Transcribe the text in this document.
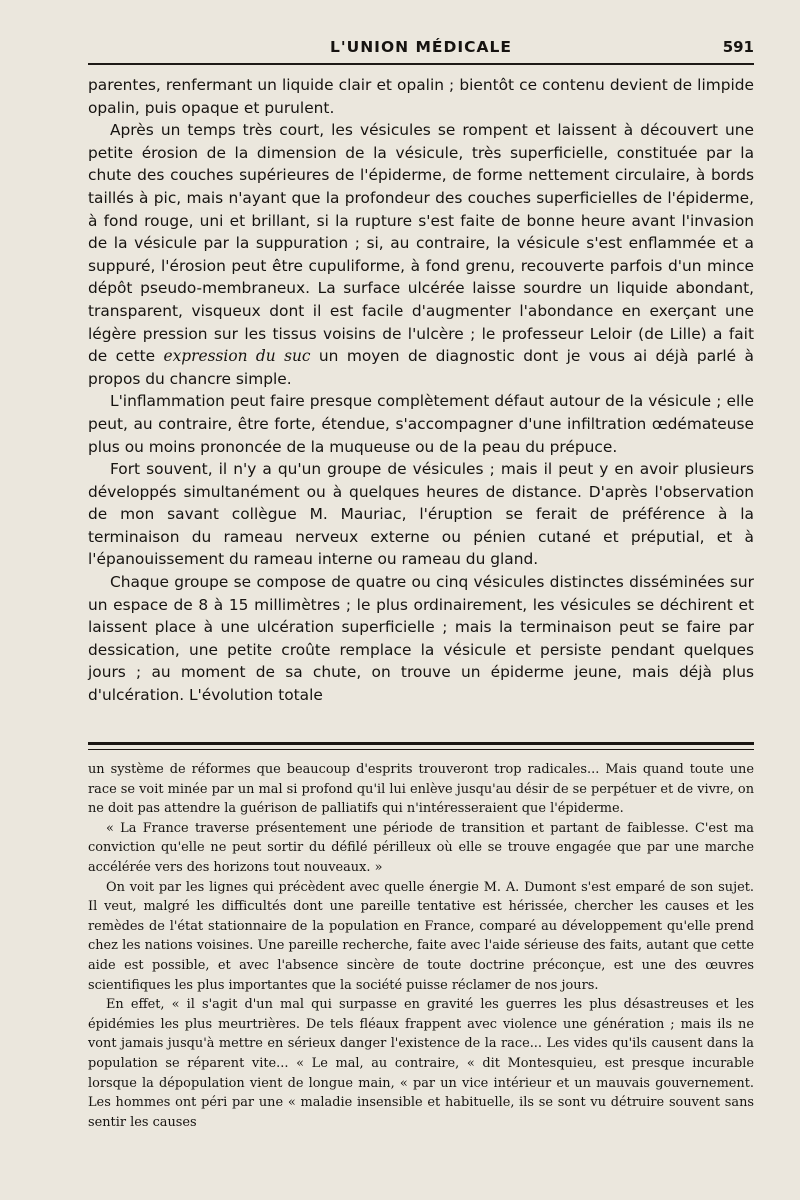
L'UNION MÉDICALE	591

parentes, renfermant un liquide clair et opalin ; bientôt ce contenu devient de limpide opalin, puis opaque et purulent.

Après un temps très court, les vésicules se rompent et laissent à découvert une petite érosion de la dimension de la vésicule, très superficielle, constituée par la chute des couches supérieures de l'épiderme, de forme nettement circulaire, à bords taillés à pic, mais n'ayant que la profondeur des couches superficielles de l'épiderme, à fond rouge, uni et brillant, si la rupture s'est faite de bonne heure avant l'invasion de la vésicule par la suppuration ; si, au contraire, la vésicule s'est enflammée et a suppuré, l'érosion peut être cupuliforme, à fond grenu, recouverte parfois d'un mince dépôt pseudo-membraneux. La surface ulcérée laisse sourdre un liquide abondant, transparent, visqueux dont il est facile d'augmenter l'abondance en exerçant une légère pression sur les tissus voisins de l'ulcère ; le professeur Leloir (de Lille) a fait de cette expression du suc un moyen de diagnostic dont je vous ai déjà parlé à propos du chancre simple.

L'inflammation peut faire presque complètement défaut autour de la vésicule ; elle peut, au contraire, être forte, étendue, s'accompagner d'une infiltration œdémateuse plus ou moins prononcée de la muqueuse ou de la peau du prépuce.

Fort souvent, il n'y a qu'un groupe de vésicules ; mais il peut y en avoir plusieurs développés simultanément ou à quelques heures de distance. D'après l'observation de mon savant collègue M. Mauriac, l'éruption se ferait de préférence à la terminaison du rameau nerveux externe ou pénien cutané et préputial, et à l'épanouissement du rameau interne ou rameau du gland.

Chaque groupe se compose de quatre ou cinq vésicules distinctes disséminées sur un espace de 8 à 15 millimètres ; le plus ordinairement, les vésicules se déchirent et laissent place à une ulcération superficielle ; mais la terminaison peut se faire par dessication, une petite croûte remplace la vésicule et persiste pendant quelques jours ; au moment de sa chute, on trouve un épiderme jeune, mais déjà plus d'ulcération. L'évolution totale

un système de réformes que beaucoup d'esprits trouveront trop radicales... Mais quand toute une race se voit minée par un mal si profond qu'il lui enlève jusqu'au désir de se perpétuer et de vivre, on ne doit pas attendre la guérison de palliatifs qui n'intéresseraient que l'épiderme.

« La France traverse présentement une période de transition et partant de faiblesse. C'est ma conviction qu'elle ne peut sortir du défilé périlleux où elle se trouve engagée que par une marche accélérée vers des horizons tout nouveaux. »

On voit par les lignes qui précèdent avec quelle énergie M. A. Dumont s'est emparé de son sujet. Il veut, malgré les difficultés dont une pareille tentative est hérissée, chercher les causes et les remèdes de l'état stationnaire de la population en France, comparé au développement qu'elle prend chez les nations voisines. Une pareille recherche, faite avec l'aide sérieuse des faits, autant que cette aide est possible, et avec l'absence sincère de toute doctrine préconçue, est une des œuvres scientifiques les plus importantes que la société puisse réclamer de nos jours.

En effet, « il s'agit d'un mal qui surpasse en gravité les guerres les plus désastreuses et les épidémies les plus meurtrières. De tels fléaux frappent avec violence une génération ; mais ils ne vont jamais jusqu'à mettre en sérieux danger l'existence de la race... Les vides qu'ils causent dans la population se réparent vite... « Le mal, au contraire, « dit Montesquieu, est presque incurable lorsque la dépopulation vient de longue main, « par un vice intérieur et un mauvais gouvernement. Les hommes ont péri par une « maladie insensible et habituelle, ils se sont vu détruire souvent sans sentir les causes
